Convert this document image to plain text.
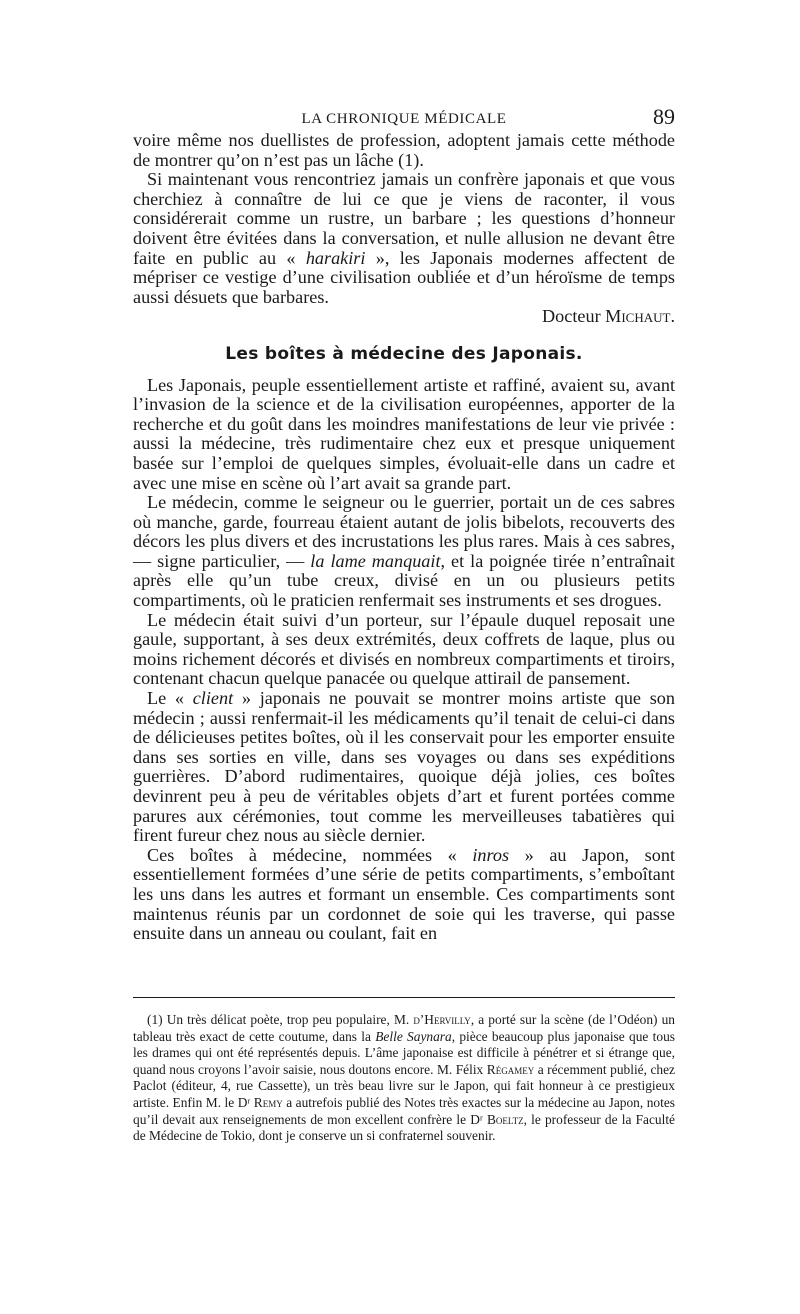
LA CHRONIQUE MÉDICALE	89

voire même nos duellistes de profession, adoptent jamais cette méthode de montrer qu’on n’est pas un lâche (1).

Si maintenant vous rencontriez jamais un confrère japonais et que vous cherchiez à connaître de lui ce que je viens de raconter, il vous considérerait comme un rustre, un barbare ; les questions d’honneur doivent être évitées dans la conversation, et nulle allusion ne devant être faite en public au « harakiri », les Japonais modernes affectent de mépriser ce vestige d’une civilisation oubliée et d’un héroïsme de temps aussi désuets que barbares.

Docteur Michaut.

Les boîtes à médecine des Japonais.

Les Japonais, peuple essentiellement artiste et raffiné, avaient su, avant l’invasion de la science et de la civilisation européennes, apporter de la recherche et du goût dans les moindres manifestations de leur vie privée : aussi la médecine, très rudimentaire chez eux et presque uniquement basée sur l’emploi de quelques simples, évoluait-elle dans un cadre et avec une mise en scène où l’art avait sa grande part.

Le médecin, comme le seigneur ou le guerrier, portait un de ces sabres où manche, garde, fourreau étaient autant de jolis bibelots, recouverts des décors les plus divers et des incrustations les plus rares. Mais à ces sabres, — signe particulier, — la lame manquait, et la poignée tirée n’entraînait après elle qu’un tube creux, divisé en un ou plusieurs petits compartiments, où le praticien renfermait ses instruments et ses drogues.

Le médecin était suivi d’un porteur, sur l’épaule duquel reposait une gaule, supportant, à ses deux extrémités, deux coffrets de laque, plus ou moins richement décorés et divisés en nombreux compartiments et tiroirs, contenant chacun quelque panacée ou quelque attirail de pansement.

Le « client » japonais ne pouvait se montrer moins artiste que son médecin ; aussi renfermait-il les médicaments qu’il tenait de celui-ci dans de délicieuses petites boîtes, où il les conservait pour les emporter ensuite dans ses sorties en ville, dans ses voyages ou dans ses expéditions guerrières. D’abord rudimentaires, quoique déjà jolies, ces boîtes devinrent peu à peu de véritables objets d’art et furent portées comme parures aux cérémonies, tout comme les merveilleuses tabatières qui firent fureur chez nous au siècle dernier.

Ces boîtes à médecine, nommées « inros » au Japon, sont essentiellement formées d’une série de petits compartiments, s’emboîtant les uns dans les autres et formant un ensemble. Ces compartiments sont maintenus réunis par un cordonnet de soie qui les traverse, qui passe ensuite dans un anneau ou coulant, fait en

(1) Un très délicat poète, trop peu populaire, M. d’Hervilly, a porté sur la scène (de l’Odéon) un tableau très exact de cette coutume, dans la Belle Saynara, pièce beaucoup plus japonaise que tous les drames qui ont été représentés depuis. L’âme japonaise est difficile à pénétrer et si étrange que, quand nous croyons l’avoir saisie, nous doutons encore. M. Félix Régamey a récemment publié, chez Paclot (éditeur, 4, rue Cassette), un très beau livre sur le Japon, qui fait honneur à ce prestigieux artiste. Enfin M. le Dʳ Remy a autrefois publié des Notes très exactes sur la médecine au Japon, notes qu’il devait aux renseignements de mon excellent confrère le Dʳ Boeltz, le professeur de la Faculté de Médecine de Tokio, dont je conserve un si confraternel souvenir.
